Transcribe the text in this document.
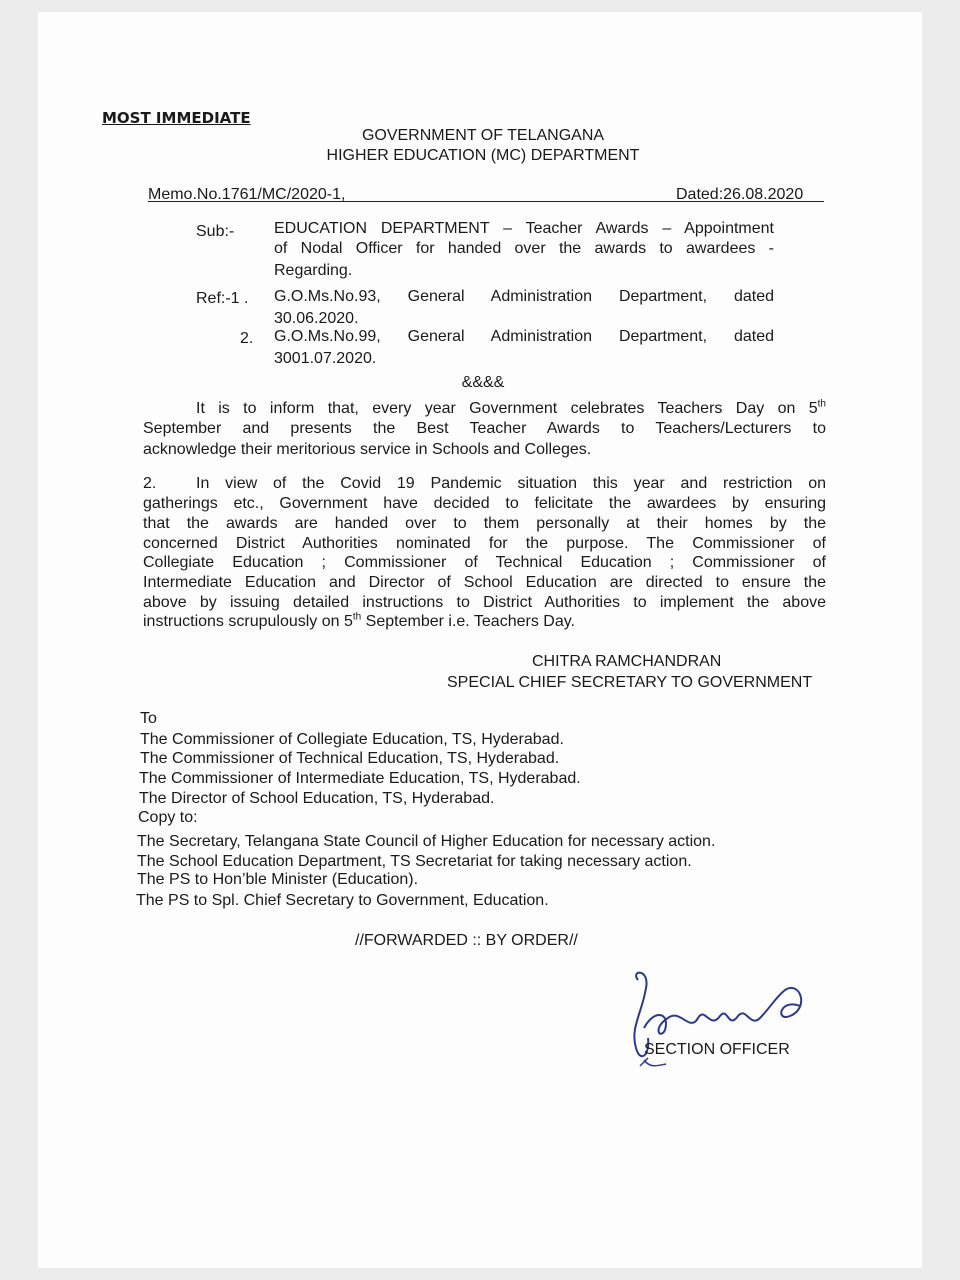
MOST IMMEDIATE
GOVERNMENT OF TELANGANA
HIGHER EDUCATION (MC) DEPARTMENT
Memo.No.1761/MC/2020-1,	Dated:26.08.2020
Sub:- EDUCATION DEPARTMENT – Teacher Awards – Appointment
of Nodal Officer for handed over the awards to awardees -
Regarding.
Ref:-1 . G.O.Ms.No.93, General Administration Department, dated
30.06.2020.
2. G.O.Ms.No.99, General Administration Department, dated
3001.07.2020.
&&&&
It is to inform that, every year Government celebrates Teachers Day on 5th
September and presents the Best Teacher Awards to Teachers/Lecturers to
acknowledge their meritorious service in Schools and Colleges.
2. In view of the Covid 19 Pandemic situation this year and restriction on
gatherings etc., Government have decided to felicitate the awardees by ensuring
that the awards are handed over to them personally at their homes by the
concerned District Authorities nominated for the purpose. The Commissioner of
Collegiate Education ; Commissioner of Technical Education ; Commissioner of
Intermediate Education and Director of School Education are directed to ensure the
above by issuing detailed instructions to District Authorities to implement the above
instructions scrupulously on 5th September i.e. Teachers Day.
CHITRA RAMCHANDRAN
SPECIAL CHIEF SECRETARY TO GOVERNMENT
To
The Commissioner of Collegiate Education, TS, Hyderabad.
The Commissioner of Technical Education, TS, Hyderabad.
The Commissioner of Intermediate Education, TS, Hyderabad.
The Director of School Education, TS, Hyderabad.
Copy to:
The Secretary, Telangana State Council of Higher Education for necessary action.
The School Education Department, TS Secretariat for taking necessary action.
The PS to Hon’ble Minister (Education).
The PS to Spl. Chief Secretary to Government, Education.
//FORWARDED :: BY ORDER//
SECTION OFFICER
